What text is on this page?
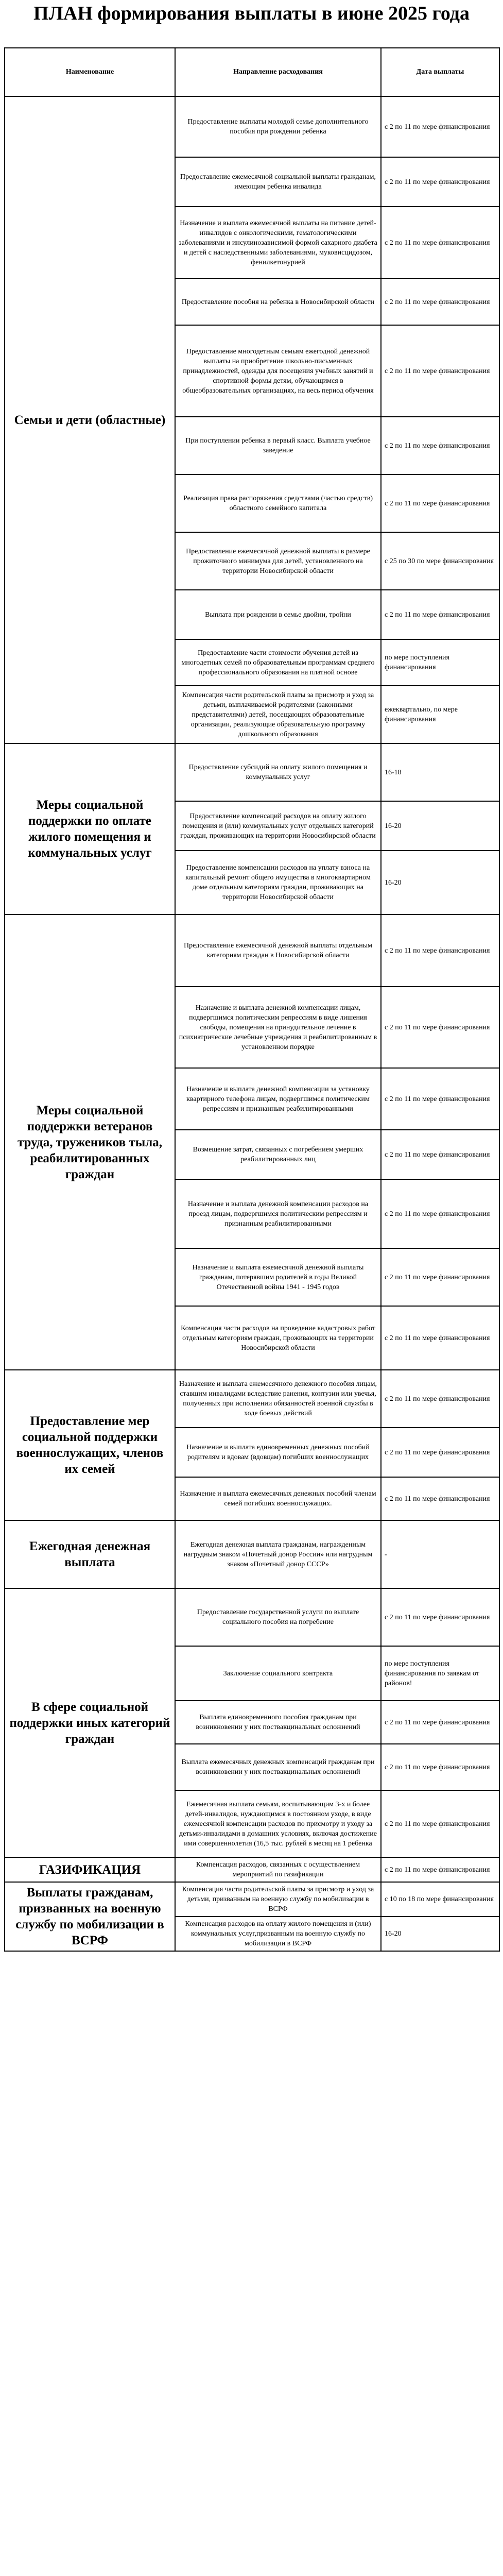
ПЛАН формирования выплаты в июне 2025 года
Наименование	Направление расходования	Дата выплаты
Семьи и дети (областные)	Предоставление выплаты молодой семье дополнительного пособия при рождении ребенка	с 2 по 11 по мере финансирования
	Предоставление ежемесячной социальной выплаты гражданам, имеющим ребенка инвалида	с 2 по 11 по мере финансирования
	Назначение и выплата ежемесячной выплаты на питание детей-инвалидов с онкологическими, гематологическими заболеваниями и инсулинозависимой формой сахарного диабета и детей с наследственными заболеваниями, муковисцидозом, фенилкетонурией	с 2 по 11 по мере финансирования
	Предоставление пособия на ребенка в Новосибирской области	с 2 по 11 по мере финансирования
	Предоставление многодетным семьям ежегодной денежной выплаты на приобретение школьно-письменных принадлежностей, одежды для посещения учебных занятий и спортивной формы детям, обучающимся в общеобразовательных организациях, на весь период обучения	с 2 по 11 по мере финансирования
	При поступлении ребенка в первый класс. Выплата учебное заведение	с 2 по 11 по мере финансирования
	Реализация права распоряжения средствами (частью средств) областного семейного капитала	с 2 по 11 по мере финансирования
	Предоставление ежемесячной денежной выплаты в размере прожиточного минимума для детей, установленного на территории Новосибирской области	с 25 по 30 по мере финансирования
	Выплата при рождении в семье двойни, тройни	с 2 по 11 по мере финансирования
	Предоставление части стоимости обучения детей из многодетных семей по образовательным программам среднего профессионального образования на платной основе	по мере поступления финансирования
	Компенсация части родительской платы за присмотр и уход за детьми, выплачиваемой родителями (законными представителями) детей, посещающих образовательные организации, реализующие образовательную программу дошкольного образования	ежеквартально, по мере финансирования
Меры социальной поддержки по оплате жилого помещения и коммунальных услуг	Предоставление субсидий на оплату жилого помещения и коммунальных услуг	16-18
	Предоставление компенсаций расходов на оплату жилого помещения и (или) коммунальных услуг отдельных категорий граждан, проживающих на территории Новосибирской области	16-20
	Предоставление компенсации расходов на уплату взноса на капитальный ремонт общего имущества в многоквартирном доме отдельным категориям граждан, проживающих на территории Новосибирской области	16-20
Меры социальной поддержки ветеранов труда, тружеников тыла, реабилитированных граждан	Предоставление ежемесячной денежной выплаты отдельным категориям граждан в Новосибирской области	с 2 по 11 по мере финансирования
	Назначение и выплата денежной компенсации лицам, подвергшимся политическим репрессиям в виде лишения свободы, помещения на принудительное лечение в психиатрические лечебные учреждения и реабилитированным в установленном порядке	с 2 по 11 по мере финансирования
	Назначение и выплата денежной компенсации за установку квартирного телефона лицам, подвергшимся политическим репрессиям и признанным реабилитированными	с 2 по 11 по мере финансирования
	Возмещение затрат, связанных с погребением умерших реабилитированных лиц	с 2 по 11 по мере финансирования
	Назначение и выплата денежной компенсации расходов на проезд лицам, подвергшимся политическим репрессиям и признанным реабилитированными	с 2 по 11 по мере финансирования
	Назначение и выплата ежемесячной денежной выплаты гражданам, потерявшим родителей в годы Великой Отечественной войны 1941 - 1945 годов	с 2 по 11 по мере финансирования
	Компенсация части расходов на проведение кадастровых работ отдельным категориям граждан, проживающих на территории Новосибирской области	с 2 по 11 по мере финансирования
Предоставление мер социальной поддержки военнослужащих, членов их семей	Назначение и выплата ежемесячного денежного пособия лицам, ставшим инвалидами вследствие ранения, контузии или увечья, полученных при исполнении обязанностей военной службы в ходе боевых действий	с 2 по 11 по мере финансирования
	Назначение и выплата единовременных денежных пособий родителям и вдовам (вдовцам) погибших военнослужащих	с 2 по 11 по мере финансирования
	Назначение и выплата ежемесячных денежных пособий членам семей погибших военнослужащих.	с 2 по 11 по мере финансирования
Ежегодная денежная выплата	Ежегодная денежная выплата гражданам, награжденным нагрудным знаком «Почетный донор России» или нагрудным знаком «Почетный донор СССР»	-
В сфере социальной поддержки иных категорий граждан	Предоставление государственной услуги по выплате социального пособия на погребение	с 2 по 11 по мере финансирования
	Заключение социального контракта	по мере поступления финансирования по заявкам от районов!
	Выплата единовременного пособия гражданам при возникновении у них поствакцинальных осложнений	с 2 по 11 по мере финансирования
	Выплата ежемесячных денежных компенсаций гражданам при возникновении у них поствакцинальных осложнений	с 2 по 11 по мере финансирования
	Ежемесячная выплата семьям, воспитывающим 3-х и более детей-инвалидов, нуждающимся в постоянном уходе, в виде ежемесячной компенсации расходов по присмотру и уходу за детьми-инвалидами в домашних условиях, включая достижение ими совершеннолетия (16,5 тыс. рублей в месяц на 1 ребенка	с 2 по 11 по мере финансирования
ГАЗИФИКАЦИЯ	Компенсация расходов, связанных с осуществлением мероприятий по газификации	с 2 по 11 по мере финансирования
Выплаты гражданам, призванных на военную службу по мобилизации в ВСРФ	Компенсация части родительской платы за присмотр и уход за детьми, призванным на военную службу по мобилизации в ВСРФ	с 10 по 18 по мере финансирования
	Компенсация расходов на оплату жилого помещения и (или) коммунальных услуг,призванным на военную службу по мобилизации в ВСРФ	16-20
